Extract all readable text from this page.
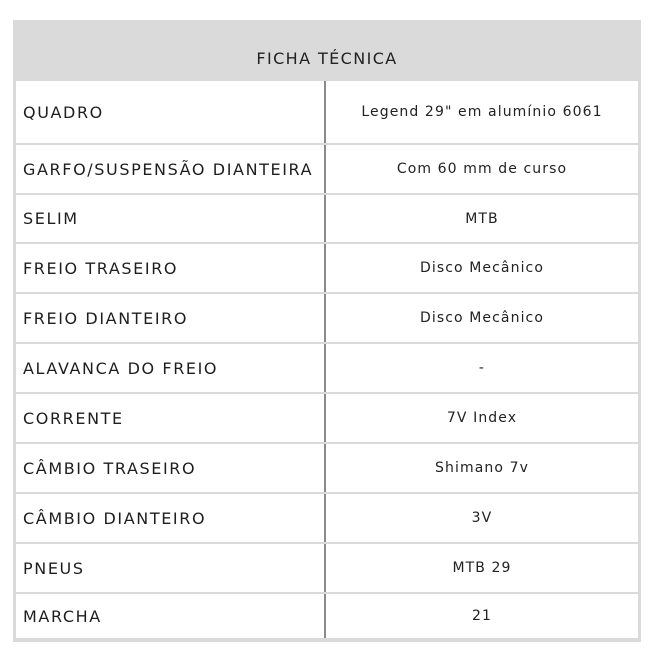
FICHA TÉCNICA
QUADRO	Legend 29" em alumínio 6061
GARFO/SUSPENSÃO DIANTEIRA	Com 60 mm de curso
SELIM	MTB
FREIO TRASEIRO	Disco Mecânico
FREIO DIANTEIRO	Disco Mecânico
ALAVANCA DO FREIO	-
CORRENTE	7V Index
CÂMBIO TRASEIRO	Shimano 7v
CÂMBIO DIANTEIRO	3V
PNEUS	MTB 29
MARCHA	21
